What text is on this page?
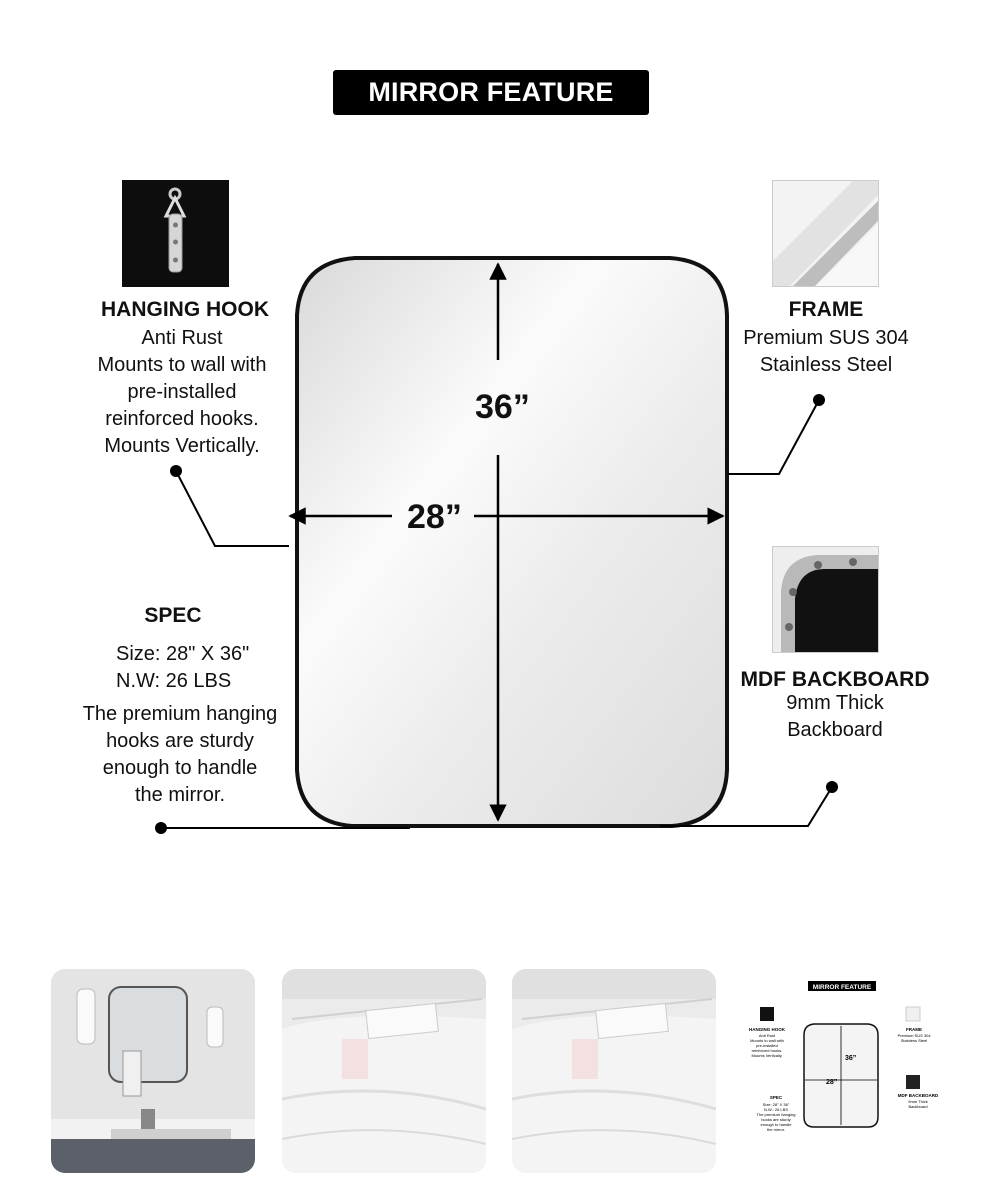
MIRROR FEATURE
36”
28”
HANGING HOOK
Anti Rust
Mounts to wall with
pre-installed
reinforced hooks.
Mounts Vertically.
FRAME
Premium SUS 304
Stainless Steel
SPEC
Size: 28" X 36"
N.W: 26 LBS
The premium hanging
hooks are sturdy
enough to handle
the mirror.
MDF BACKBOARD
9mm Thick
Backboard
MIRROR FEATURE
36”
28”
HANGING HOOK
Anti Rust
Mounts to wall with
pre-installed
reinforced hooks.
Mounts Vertically.
FRAME
Premium SUS 304
Stainless Steel
SPEC
Size: 28" X 36"
N.W.: 26 LBS
The premium hanging
hooks are sturdy
enough to handle
the mirror.
MDF BACKBOARD
9mm Thick
Backboard
